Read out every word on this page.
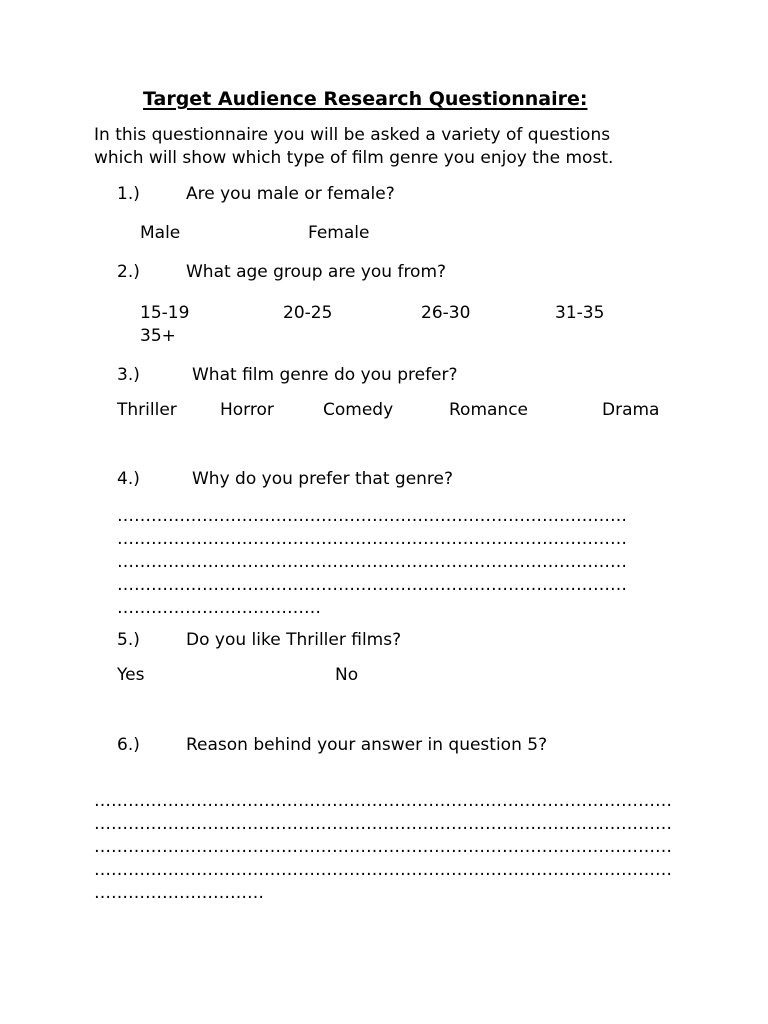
Target Audience Research Questionnaire:
In this questionnaire you will be asked a variety of questions
which will show which type of film genre you enjoy the most.
1.)	Are you male or female?
Male	Female
2.)	What age group are you from?
15-19	20-25	26-30	31-35
35+
3.)	What film genre do you prefer?
Thriller	Horror	Comedy	Romance	Drama
4.)	Why do you prefer that genre?
………………………………………………………………………………
………………………………………………………………………………
………………………………………………………………………………
………………………………………………………………………………
………………………………
5.)	Do you like Thriller films?
Yes	No
6.)	Reason behind your answer in question 5?
…………………………………………………………………………………………
…………………………………………………………………………………………
…………………………………………………………………………………………
…………………………………………………………………………………………
…………………………
